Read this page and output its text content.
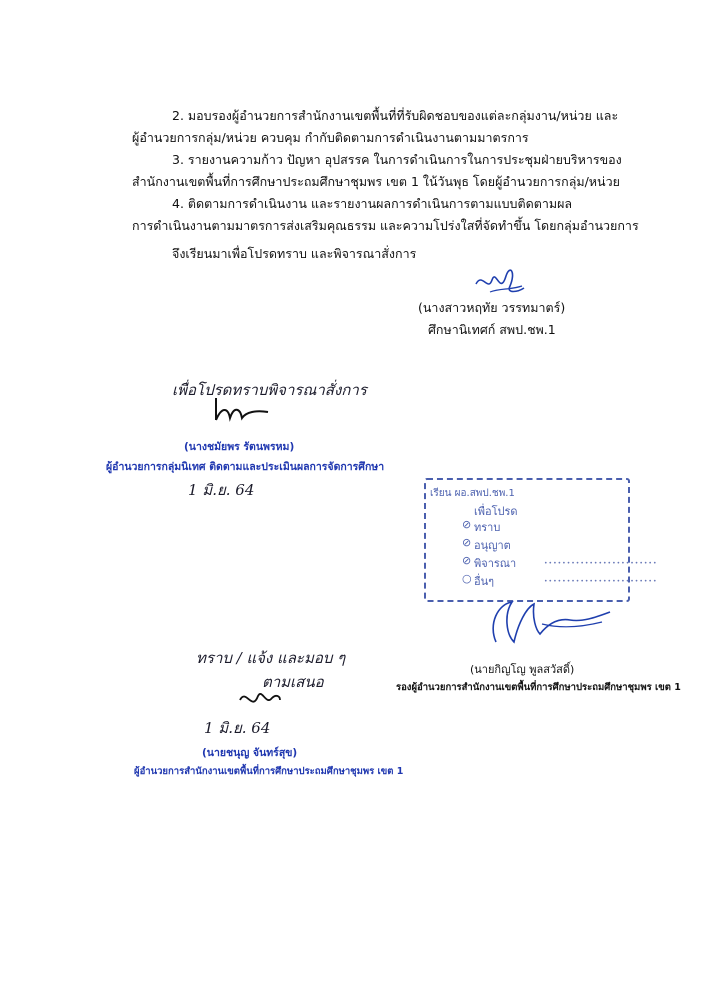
2. มอบรองผู้อำนวยการสำนักงานเขตพื้นที่ที่รับผิดชอบของแต่ละกลุ่มงาน/หน่วย และ
ผู้อำนวยการกลุ่ม/หน่วย ควบคุม กำกับติดตามการดำเนินงานตามมาตรการ
3. รายงานความก้าว ปัญหา อุปสรรค ในการดำเนินการในการประชุมฝ่ายบริหารของ
สำนักงานเขตพื้นที่การศึกษาประถมศึกษาชุมพร เขต 1 ใน้วันพุธ โดยผู้อำนวยการกลุ่ม/หน่วย
4. ติดตามการดำเนินงาน และรายงานผลการดำเนินการตามแบบติดตามผล
การดำเนินงานตามมาตรการส่งเสริมคุณธรรม และความโปร่งใสที่จัดทำขึ้น โดยกลุ่มอำนวยการ
จึงเรียนมาเพื่อโปรดทราบ และพิจารณาสั่งการ
(นางสาวหฤทัย วรรทมาตร์)
ศึกษานิเทศก์ สพป.ชพ.1
เพื่อโปรดทราบพิจารณาสั่งการ
(นางชมัยพร รัตนพรหม)
ผู้อำนวยการกลุ่มนิเทศ ติดตามและประเมินผลการจัดการศึกษา
1 มิ.ย. 64	เรียน ผอ.สพป.ชพ.1
เพื่อโปรด
⊘ ทราบ
⊘ อนุญาต
⊘ พิจารณา	•••••••••••••••••••••••••
○ อื่นๆ	•••••••••••••••••••••••••
(นายกิญโญ พูลสวัสดิ์)
รองผู้อำนวยการสำนักงานเขตพื้นที่การศึกษาประถมศึกษาชุมพร เขต 1
ทราบ / แจ้ง และมอบ ๆ
ตามเสนอ
1 มิ.ย. 64
(นายชนุญ จันทร์สุข)
ผู้อำนวยการสำนักงานเขตพื้นที่การศึกษาประถมศึกษาชุมพร เขต 1
